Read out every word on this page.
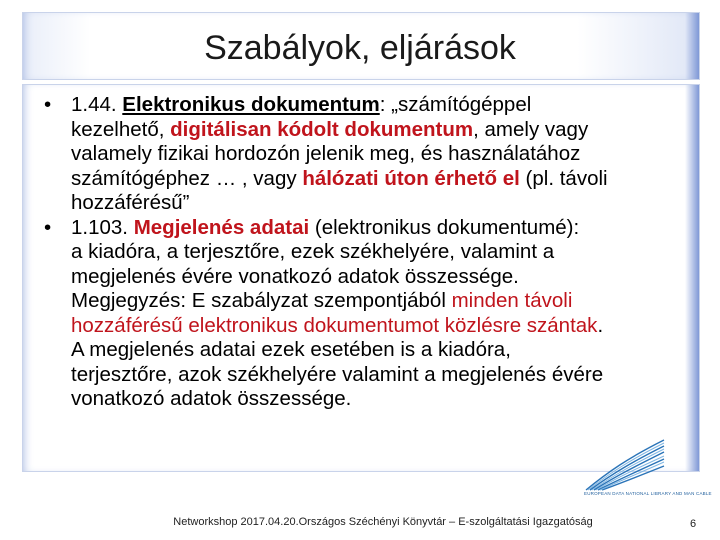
Szabályok, eljárások
• 1.44. Elektronikus dokumentum: „számítógéppel
kezelhető, digitálisan kódolt dokumentum, amely vagy
valamely fizikai hordozón jelenik meg, és használatához
számítógéphez … , vagy hálózati úton érhető el (pl. távoli
hozzáférésű”
• 1.103. Megjelenés adatai (elektronikus dokumentumé):
a kiadóra, a terjesztőre, ezek székhelyére, valamint a
megjelenés évére vonatkozó adatok összessége.
Megjegyzés: E szabályzat szempontjából minden távoli
hozzáférésű elektronikus dokumentumot közlésre szántak.
A megjelenés adatai ezek esetében is a kiadóra,
terjesztőre, azok székhelyére valamint a megjelenés évére
vonatkozó adatok összessége.
EUROPEAN DATA NATIONAL LIBRARY AND MAN CABLE
Networkshop 2017.04.20.Országos Széchényi Könyvtár – E-szolgáltatási Igazgatóság	6
